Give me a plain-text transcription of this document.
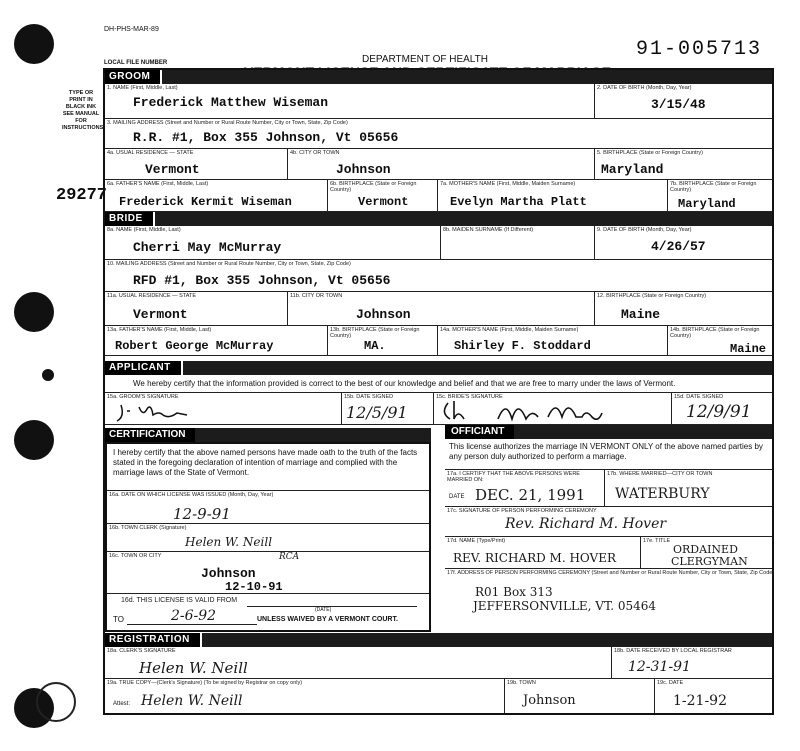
DH-PHS-MAR-89
LOCAL FILE NUMBER	DEPARTMENT OF HEALTH	91-005713
TYPE OR PRINT IN BLACK INK SEE MANUAL FOR INSTRUCTIONS
29277
GROOM
1. NAME (First, Middle, Last)
Frederick Matthew Wiseman
2. DATE OF BIRTH (Month, Day, Year)
3/15/48
3. MAILING ADDRESS (Street and Number or Rural Route Number, City or Town, State, Zip Code)
R.R. #1, Box 355 Johnson, Vt 05656
4a. USUAL RESIDENCE — STATE
Vermont
4b. CITY OR TOWN
Johnson
5. BIRTHPLACE (State or Foreign Country)
Maryland
6a. FATHER'S NAME (First, Middle, Last)
Frederick Kermit Wiseman
6b. BIRTHPLACE (State or Foreign Country)
Vermont
7a. MOTHER'S NAME (First, Middle, Maiden Surname)
Evelyn Martha Platt
7b. BIRTHPLACE (State or Foreign Country)
Maryland
BRIDE
8a. NAME (First, Middle, Last)
Cherri May McMurray
8b. MAIDEN SURNAME (If Different)	9. DATE OF BIRTH (Month, Day, Year)
4/26/57
10. MAILING ADDRESS (Street and Number or Rural Route Number, City or Town, State, Zip Code)
RFD #1, Box 355 Johnson, Vt 05656
11a. USUAL RESIDENCE — STATE
Vermont
11b. CITY OR TOWN
Johnson
12. BIRTHPLACE (State or Foreign Country)
Maine
13a. FATHER'S NAME (First, Middle, Last)
Robert George McMurray
13b. BIRTHPLACE (State or Foreign Country)
MA.
14a. MOTHER'S NAME (First, Middle, Maiden Surname)
Shirley F. Stoddard
14b. BIRTHPLACE (State or Foreign Country)
Maine
APPLICANT
We hereby certify that the information provided is correct to the best of our knowledge and belief and that we are free to marry under the laws of Vermont.
15a. GROOM'S SIGNATURE	15b. DATE SIGNED
12/5/91
15c. BRIDE'S SIGNATURE	15d. DATE SIGNED
12/9/91
CERTIFICATION
I hereby certify that the above named persons have made oath to the truth of the facts stated in the foregoing declaration of intention of marriage and complied with the marriage laws of the State of Vermont.
16a. DATE ON WHICH LICENSE WAS ISSUED (Month, Day, Year)
12-9-91
16b. TOWN CLERK (Signature)
Helen W. Neill
16c. TOWN OR CITY	RCA
Johnson
12-10-91
16d. THIS LICENSE IS VALID FROM
(DATE)
TO	2-6-92	UNLESS WAIVED BY A VERMONT COURT.
OFFICIANT
This license authorizes the marriage IN VERMONT ONLY of the above named parties by any person duly authorized to perform a marriage.
17a. I CERTIFY THAT THE ABOVE PERSONS WERE MARRIED ON:
DATE DEC. 21, 1991
17b. WHERE MARRIED—CITY OR TOWN
WATERBURY
17c. SIGNATURE OF PERSON PERFORMING CEREMONY
Rev. Richard M. Hover
17d. NAME (Type/Print)
REV. RICHARD M. HOVER
17e. TITLE
ORDAINED
CLERGYMAN
17f. ADDRESS OF PERSON PERFORMING CEREMONY (Street and Number or Rural Route Number, City or Town, State, Zip Code)
R01 Box 313
JEFFERSONVILLE, VT. 05464
REGISTRATION
18a. CLERK'S SIGNATURE
Helen W. Neill
18b. DATE RECEIVED BY LOCAL REGISTRAR
12-31-91
19a. TRUE COPY—(Clerk's Signature) (To be signed by Registrar on copy only)
Attest: Helen W. Neill
19b. TOWN
Johnson
19c. DATE
1-21-92
